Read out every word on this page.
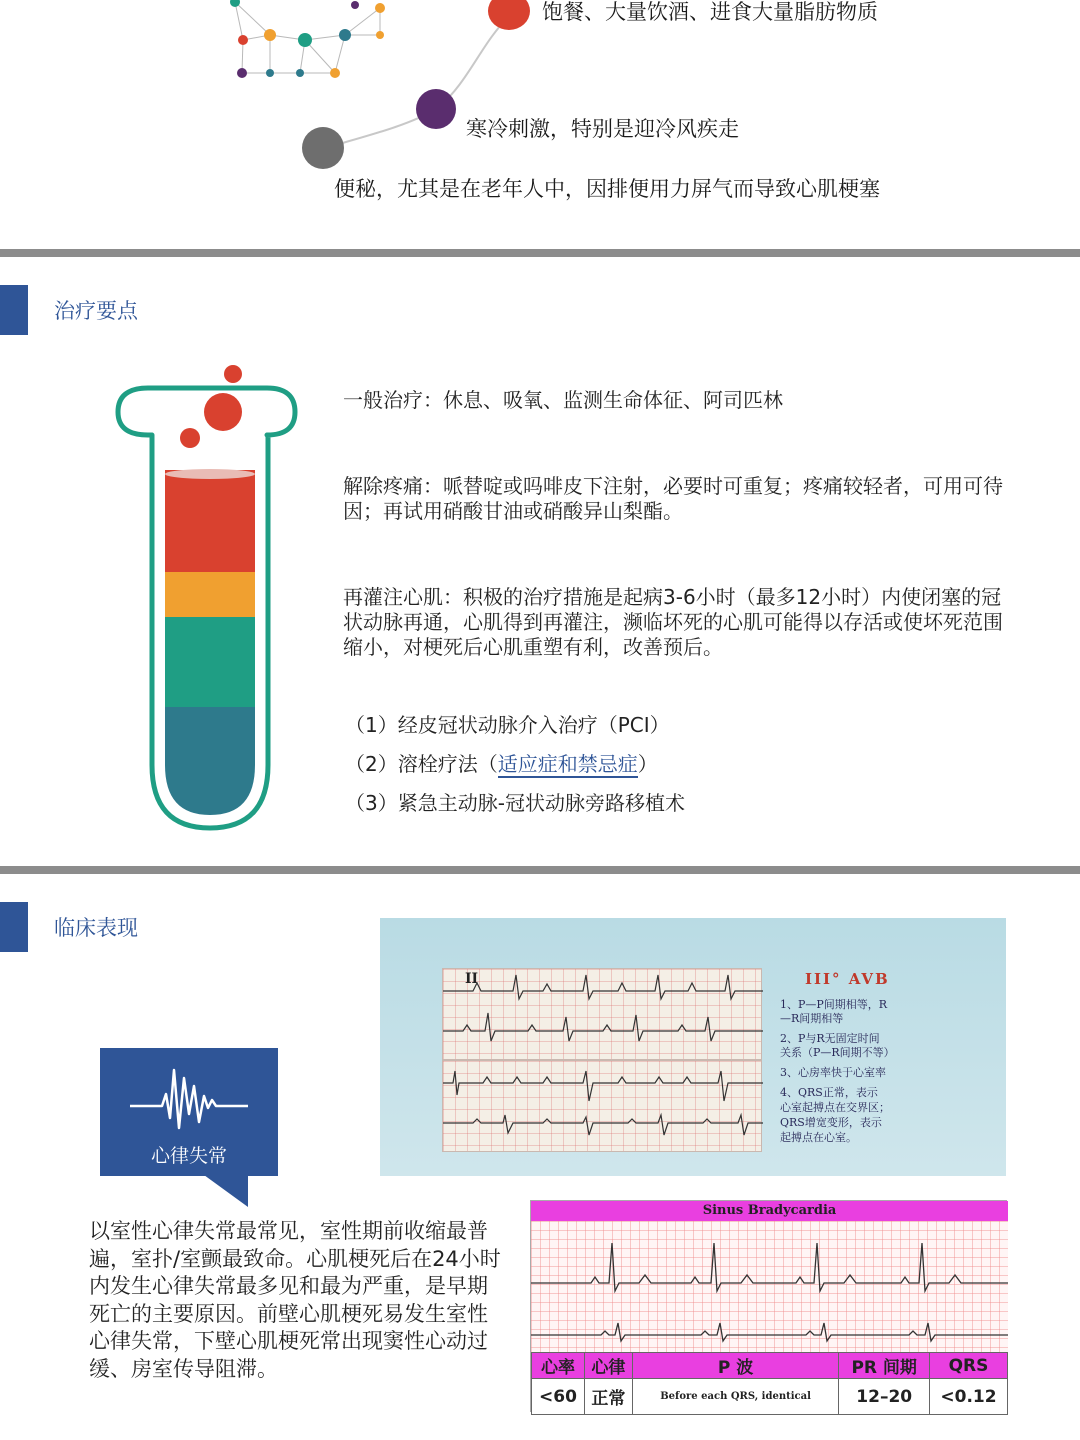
饱餐、大量饮酒、进食大量脂肪物质
寒冷刺激，特别是迎冷风疾走
便秘，尤其是在老年人中，因排便用力屏气而导致心肌梗塞
治疗要点
一般治疗：休息、吸氧、监测生命体征、阿司匹林
解除疼痛：哌替啶或吗啡皮下注射，必要时可重复；疼痛较轻者，可用可待因；再试用硝酸甘油或硝酸异山梨酯。
再灌注心肌：积极的治疗措施是起病3-6小时（最多12小时）内使闭塞的冠状动脉再通，心肌得到再灌注，濒临坏死的心肌可能得以存活或使坏死范围缩小，对梗死后心肌重塑有利，改善预后。
（1）经皮冠状动脉介入治疗（PCI）
（2）溶栓疗法（适应症和禁忌症）
（3）紧急主动脉-冠状动脉旁路移植术
临床表现
II	III° AVB
1、P—P间期相等，R
—R间期相等
2、P与R无固定时间
关系（P—R间期不等）
3、心房率快于心室率
4、QRS正常，表示
心室起搏点在交界区；
QRS增宽变形，表示
起搏点在心室。
心律失常
以室性心律失常最常见，室性期前收缩最普遍，室扑/室颤最致命。心肌梗死后在24小时内发生心律失常最多见和最为严重，是早期死亡的主要原因。前壁心肌梗死易发生室性心律失常，下壁心肌梗死常出现窦性心动过缓、房室传导阻滞。
Sinus Bradycardia
心率	心律	P 波	PR 间期	QRS
<60	正常	Before each QRS, identical	12–20	<0.12
